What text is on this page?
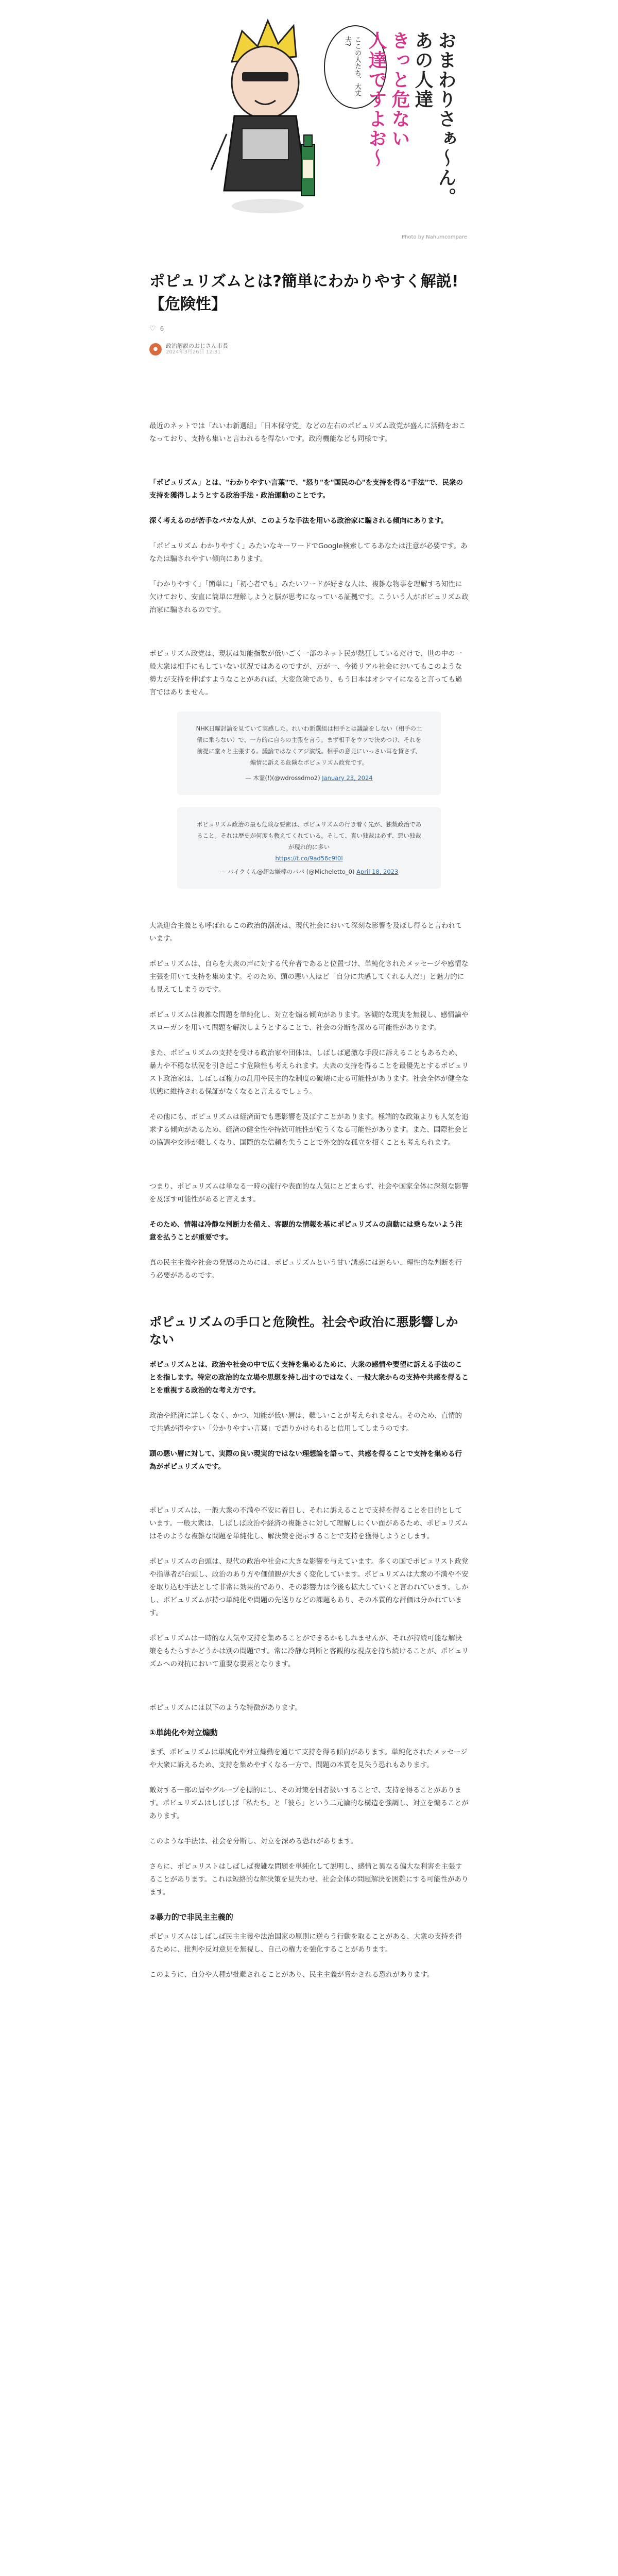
おまわりさぁ〜ん。
あの人達
きっと危ない
人達ですよお〜
ここの人たち、大丈夫?
Photo by Nahumcompare
ポピュリズムとは?簡単にわかりやすく解説!【危険性】
♡ 6
●	政治解説のおじさん市長
2024年3月26日 12:31

最近のネットでは「れいわ新選組」「日本保守党」などの左右のポピュリズム政党が盛んに活動をおこなっており、支持も集いと言われるを得ないです。政府機能なども同様です。

「ポピュリズム」とは、"わかりやすい言葉"で、"怒り"を"国民の心"を支持を得る"手法"で、民衆の支持を獲得しようとする政治手法・政治運動のことです。

深く考えるのが苦手なバカな人が、このような手法を用いる政治家に騙される傾向にあります。

「ポピュリズム わかりやすく」みたいなキーワードでGoogle検索してるあなたは注意が必要です。あなたは騙されやすい傾向にあります。

「わかりやすく」「簡単に」「初心者でも」みたいワードが好きな人は、複雑な物事を理解する知性に欠けており、安直に簡単に理解しようと脳が思考になっている証拠です。こういう人がポピュリズム政治家に騙されるのです。

ポピュリズム政党は、現状は知能指数が低いごく一部のネット民が熱狂しているだけで、世の中の一般大衆は相手にもしていない状況ではあるのですが、万が一、今後リアル社会においてもこのような勢力が支持を伸ばすようなことがあれば、大変危険であり、もう日本はオシマイになると言っても過言ではありません。

NHK日曜討論を見ていて実感した。れいわ新選組は相手とは議論をしない（相手の土俵に乗らない）で、一方的に自らの主張を言う。まず相手をウソで決めつけ、それを前提に堂々と主張する。議論ではなくアジ演説。相手の意見にいっさい耳を貸さず、煽情に訴える危険なポピュリズム政党です。
— 木霊(!)(@wdrossdmo2) January 23, 2024
ポピュリズム政治の最も危険な要素は、ポピュリズムの行き着く先が、独裁政治であること。それは歴史が何度も教えてくれている。そして、真い独裁は必ず、悪い独裁が現れ的に多い
https://t.co/9ad56c9f0l
— バイクくん@超お嫌棒のパパ (@Micheletto_0) April 18, 2023

大衆迎合主義とも呼ばれるこの政治的潮流は、現代社会において深刻な影響を及ぼし得ると言われています。

ポピュリズムは、自らを大衆の声に対する代弁者であると位置づけ、単純化されたメッセージや感情な主張を用いて支持を集めます。そのため、頭の悪い人ほど「自分に共感してくれる人だ!」と魅力的にも見えてしまうのです。

ポピュリズムは複雑な問題を単純化し、対立を煽る傾向があります。客観的な現実を無視し、感情論やスローガンを用いて問題を解決しようとすることで、社会の分断を深める可能性があります。

また、ポピュリズムの支持を受ける政治家や団体は、しばしば過激な手段に訴えることもあるため、暴力や不穏な状況を引き起こす危険性も考えられます。大衆の支持を得ることを最優先とするポピュリスト政治家は、しばしば権力の乱用や民主的な制度の破壊に走る可能性があります。社会全体が健全な状態に維持される保証がなくなると言えるでしょう。

その他にも、ポピュリズムは経済面でも悪影響を及ぼすことがあります。極端的な政策よりも人気を追求する傾向があるため、経済の健全性や持続可能性が危うくなる可能性があります。また、国際社会との協調や交渉が難しくなり、国際的な信頼を失うことで外交的な孤立を招くことも考えられます。

つまり、ポピュリズムは単なる一時の流行や表面的な人気にとどまらず、社会や国家全体に深刻な影響を及ぼす可能性があると言えます。

そのため、情報は冷静な判断力を備え、客観的な情報を基にポピュリズムの扇動には乗らないよう注意を払うことが重要です。

真の民主主義や社会の発展のためには、ポピュリズムという甘い誘惑には迷らい、理性的な判断を行う必要があるのです。

ポピュリズムの手口と危険性。社会や政治に悪影響しかない

ポピュリズムとは、政治や社会の中で広く支持を集めるために、大衆の感情や要望に訴える手法のことを指します。特定の政治的な立場や思想を持し出すのではなく、一般大衆からの支持や共感を得ることを重視する政治的な考え方です。

政治や経済に詳しくなく、かつ、知能が低い層は、難しいことが考えられません。そのため、直情的で共感が得やすい「分かりやすい言葉」で語りかけられると信用してしまうのです。

頭の悪い層に対して、実際の良い現実的ではない理想論を語って、共感を得ることで支持を集める行為がポピュリズムです。

ポピュリズムは、一般大衆の不満や不安に着目し、それに訴えることで支持を得ることを目的としています。一般大衆は、しばしば政治や経済の複雑さに対して理解しにくい面があるため、ポピュリズムはそのような複雑な問題を単純化し、解決策を提示することで支持を獲得しようとします。

ポピュリズムの台頭は、現代の政治や社会に大きな影響を与えています。多くの国でポピュリスト政党や指導者が台頭し、政治のあり方や価値観が大きく変化しています。ポピュリズムは大衆の不満や不安を取り込む手法として非常に効果的であり、その影響力は今後も拡大していくと言われています。しかし、ポピュリズムが持つ単純化や問題の先送りなどの課題もあり、その本質的な評価は分かれています。

ポピュリズムは一時的な人気や支持を集めることができるかもしれませんが、それが持続可能な解決策をもたらすかどうかは別の問題です。常に冷静な判断と客観的な視点を持ち続けることが、ポピュリズムへの対抗において重要な要素となります。

ポピュリズムには以下のような特徴があります。

①単純化や対立煽動

まず、ポピュリズムは単純化や対立煽動を通じて支持を得る傾向があります。単純化されたメッセージや大衆に訴えるため、支持を集めやすくなる一方で、問題の本質を見失う恐れもあります。

敵対する一部の層やグループを標的にし、その対策を国者扱いすることで、支持を得ることがあります。ポピュリズムはしばしば「私たち」と「彼ら」という二元論的な構造を強調し、対立を煽ることがあります。

このような手法は、社会を分断し、対立を深める恐れがあります。

さらに、ポピュリストはしばしば複雑な問題を単純化して説明し、感情と異なる偏大な利害を主張することがあります。これは短絡的な解決策を見失わせ、社会全体の問題解決を困難にする可能性があります。

②暴力的で非民主主義的

ポピュリズムはしばしば民主主義や法治国家の原則に逆らう行動を取ることがある、大衆の支持を得るために、批判や反対意見を無視し、自己の権力を強化することがあります。

このように、自分や人種が批難されることがあり、民主主義が脅かされる恐れがあります。
